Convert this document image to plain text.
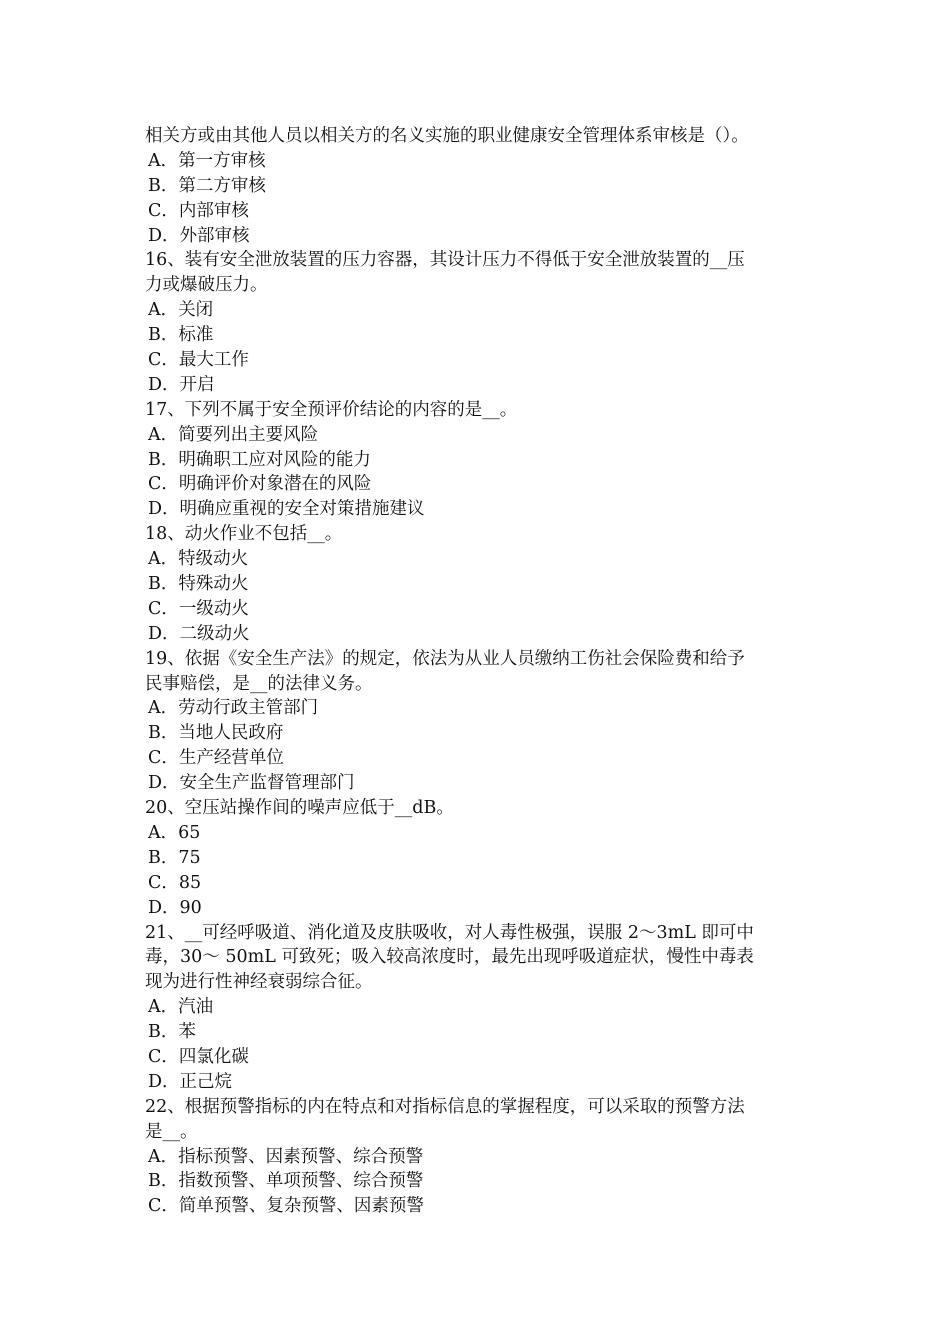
相关方或由其他人员以相关方的名义实施的职业健康安全管理体系审核是（）。
A．第一方审核
B．第二方审核
C．内部审核
D．外部审核
16、装有安全泄放装置的压力容器，其设计压力不得低于安全泄放装置的__压
力或爆破压力。
A．关闭
B．标准
C．最大工作
D．开启
17、下列不属于安全预评价结论的内容的是__。
A．简要列出主要风险
B．明确职工应对风险的能力
C．明确评价对象潜在的风险
D．明确应重视的安全对策措施建议
18、动火作业不包括__。
A．特级动火
B．特殊动火
C．一级动火
D．二级动火
19、依据《安全生产法》的规定，依法为从业人员缴纳工伤社会保险费和给予
民事赔偿，是__的法律义务。
A．劳动行政主管部门
B．当地人民政府
C．生产经营单位
D．安全生产监督管理部门
20、空压站操作间的噪声应低于__dB。
A．65
B．75
C．85
D．90
21、__可经呼吸道、消化道及皮肤吸收，对人毒性极强，误服 2～3mL 即可中
毒，30～ 50mL 可致死；吸入较高浓度时，最先出现呼吸道症状，慢性中毒表
现为进行性神经衰弱综合征。
A．汽油
B．苯
C．四氯化碳
D．正己烷
22、根据预警指标的内在特点和对指标信息的掌握程度，可以采取的预警方法
是__。
A．指标预警、因素预警、综合预警
B．指数预警、单项预警、综合预警
C．简单预警、复杂预警、因素预警
